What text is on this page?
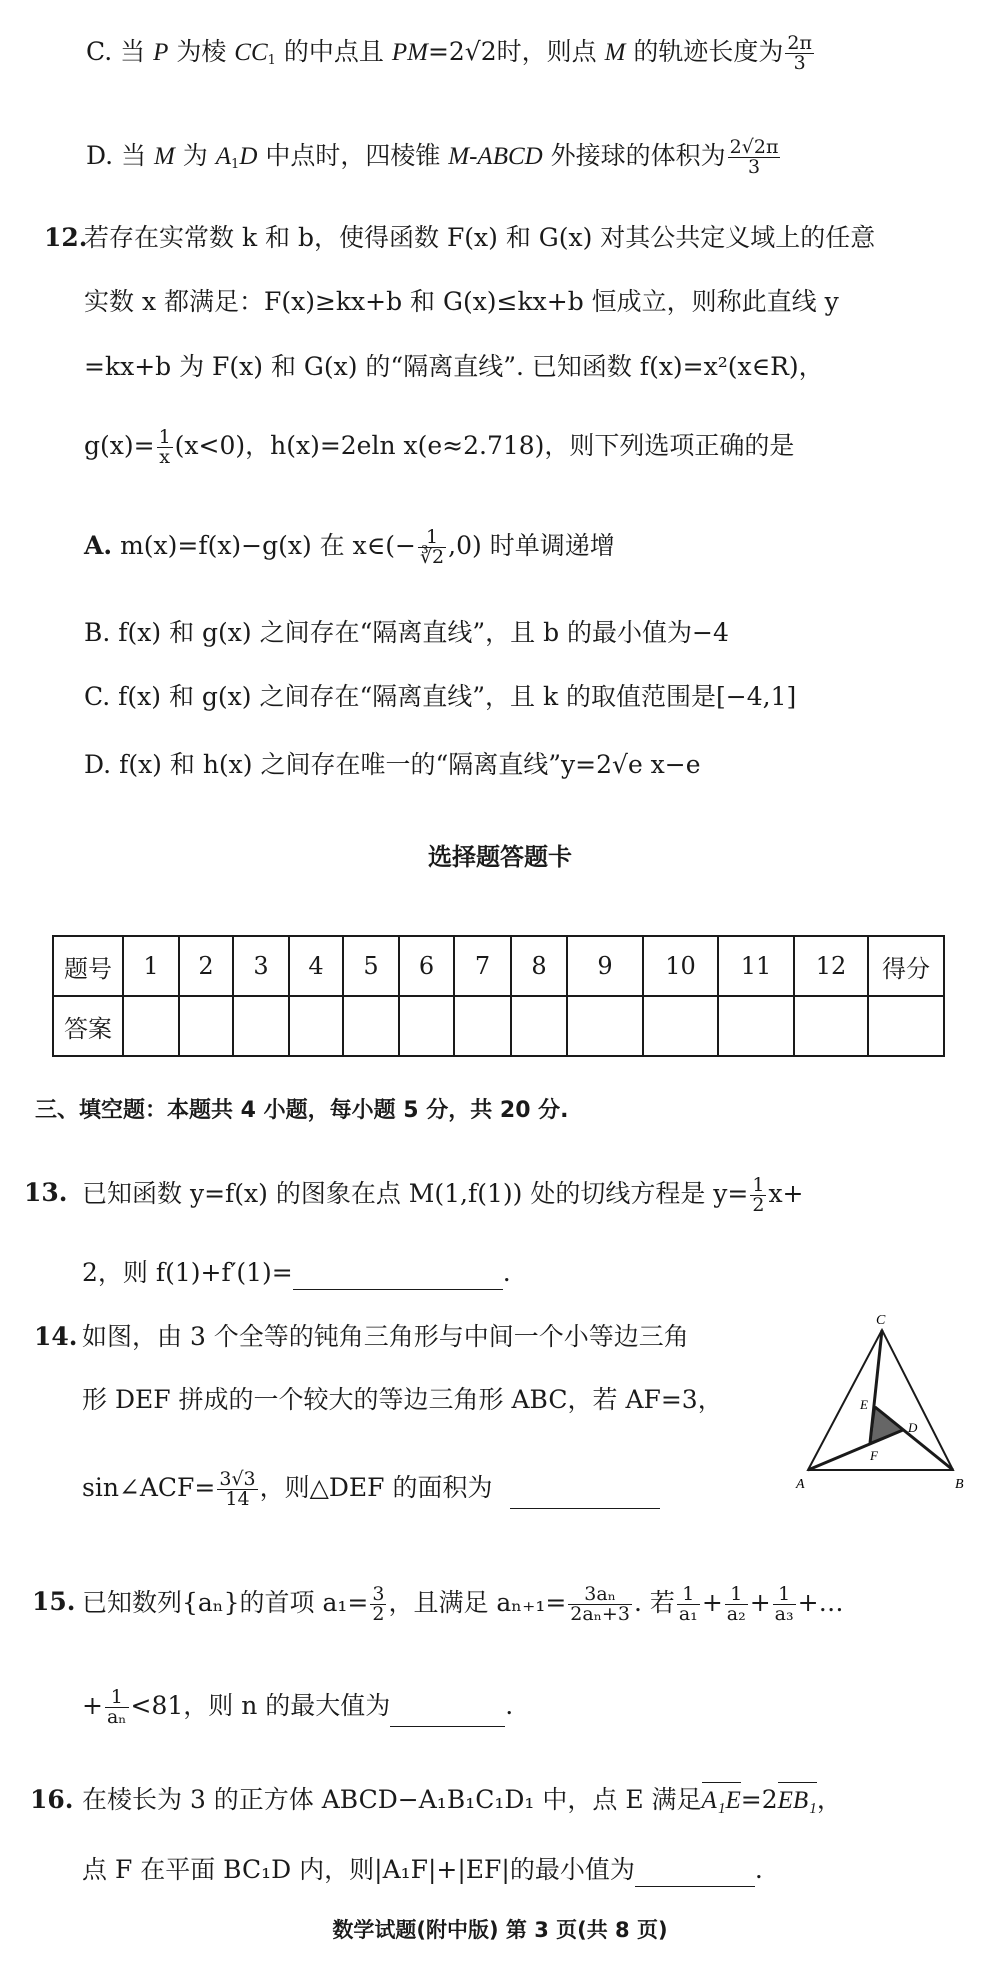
C. 当 P 为棱 $CC_1$ 的中点且 PM=2√2时，则点 M 的轨迹长度为 $\frac{2\pi}{3}$
D. 当 M 为 $A_1D$ 中点时，四棱锥 M-ABCD 外接球的体积为 $\frac{2√2\pi}{3}$
12.
若存在实常数 k 和 b，使得函数 F(x) 和 G(x) 对其公共定义域上的任意
实数 x 都满足：F(x)≥kx+b 和 G(x)≤kx+b 恒成立，则称此直线 y
=kx+b 为 F(x) 和 G(x) 的“隔离直线”. 已知函数 f(x)=x²(x∈R)，
$g(x)= \frac{1}{x} (x<0)$，h(x)=2eln x(e≈2.718)，则下列选项正确的是
A. m(x)=f(x)−g(x) 在 x∈(− $\frac{1}{∛2} ,0$) 时单调递增
B. f(x) 和 g(x) 之间存在“隔离直线”，且 b 的最小值为−4
C. f(x) 和 g(x) 之间存在“隔离直线”，且 k 的取值范围是[−4,1]
D. f(x) 和 h(x) 之间存在唯一的“隔离直线”y=2√e x−e
选择题答题卡
题号	1	2	3	4	5	6	7	8	9	10	11	12	得分
答案													
三、填空题：本题共 4 小题，每小题 5 分，共 20 分.
13. 已知函数 y=f(x) 的图象在点 M(1,f(1)) 处的切线方程是 $y= \frac{1}{2} x+$
2，则 f(1)+f′(1)=	.
14. 如图，由 3 个全等的钝角三角形与中间一个小等边三角
形 DEF 拼成的一个较大的等边三角形 ABC，若 AF=3，
sin∠ACF= $\frac{3√3}{14}$ ，则△DEF 的面积为
C
A	B
E
D
F
15. 已知数列{aₙ}的首项 $a_1= \frac{3}{2}$ ，且满足 $a_{n+1}= \frac{\text{3aₙ}}{\text{2aₙ+3}}$ . 若 $\frac{1}{\text{a₁}} + \frac{1}{\text{a₂}} + \frac{1}{\text{a₃}}$ +…
+ $\frac{1}{\text{aₙ}} <81$，则 n 的最大值为	.
16. 在棱长为 3 的正方体 ABCD−A₁B₁C₁D₁ 中，点 E 满足A₁E=2EB₁，
点 F 在平面 BC₁D 内，则|A₁F|+|EF|的最小值为	.
数学试题(附中版) 第 3 页(共 8 页)
